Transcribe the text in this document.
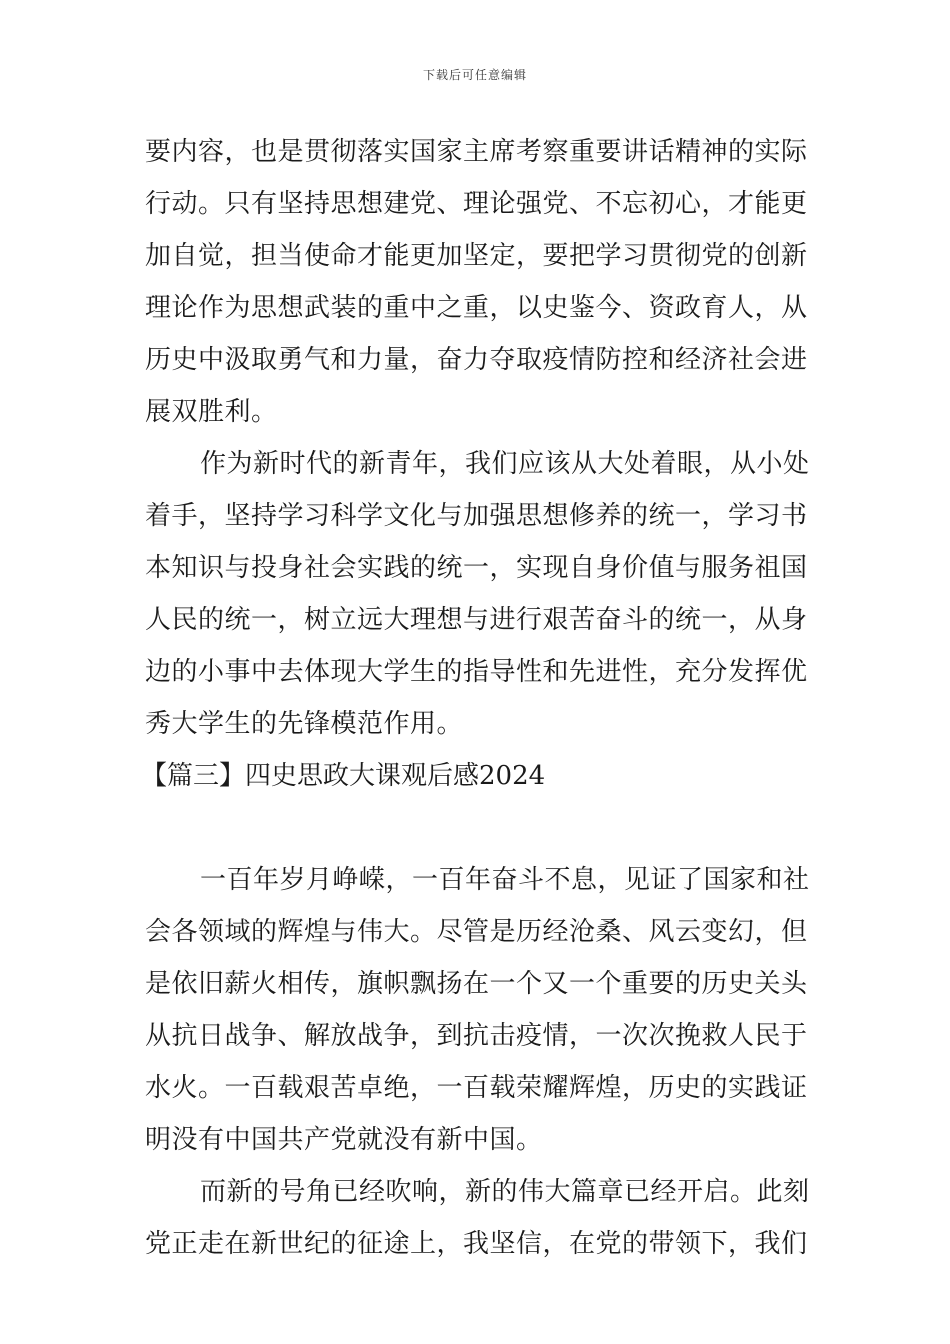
下载后可任意编辑
要内容，也是贯彻落实国家主席考察重要讲话精神的实际
行动。只有坚持思想建党、理论强党、不忘初心，才能更
加自觉，担当使命才能更加坚定，要把学习贯彻党的创新
理论作为思想武装的重中之重，以史鉴今、资政育人，从
历史中汲取勇气和力量，奋力夺取疫情防控和经济社会进
展双胜利。
作为新时代的新青年，我们应该从大处着眼，从小处
着手，坚持学习科学文化与加强思想修养的统一，学习书
本知识与投身社会实践的统一，实现自身价值与服务祖国
人民的统一，树立远大理想与进行艰苦奋斗的统一，从身
边的小事中去体现大学生的指导性和先进性，充分发挥优
秀大学生的先锋模范作用。
【篇三】四史思政大课观后感2024
一百年岁月峥嵘，一百年奋斗不息，见证了国家和社
会各领域的辉煌与伟大。尽管是历经沧桑、风云变幻，但
是依旧薪火相传，旗帜飘扬在一个又一个重要的历史关头
从抗日战争、解放战争，到抗击疫情，一次次挽救人民于
水火。一百载艰苦卓绝，一百载荣耀辉煌，历史的实践证
明没有中国共产党就没有新中国。
而新的号角已经吹响，新的伟大篇章已经开启。此刻
党正走在新世纪的征途上，我坚信，在党的带领下，我们
